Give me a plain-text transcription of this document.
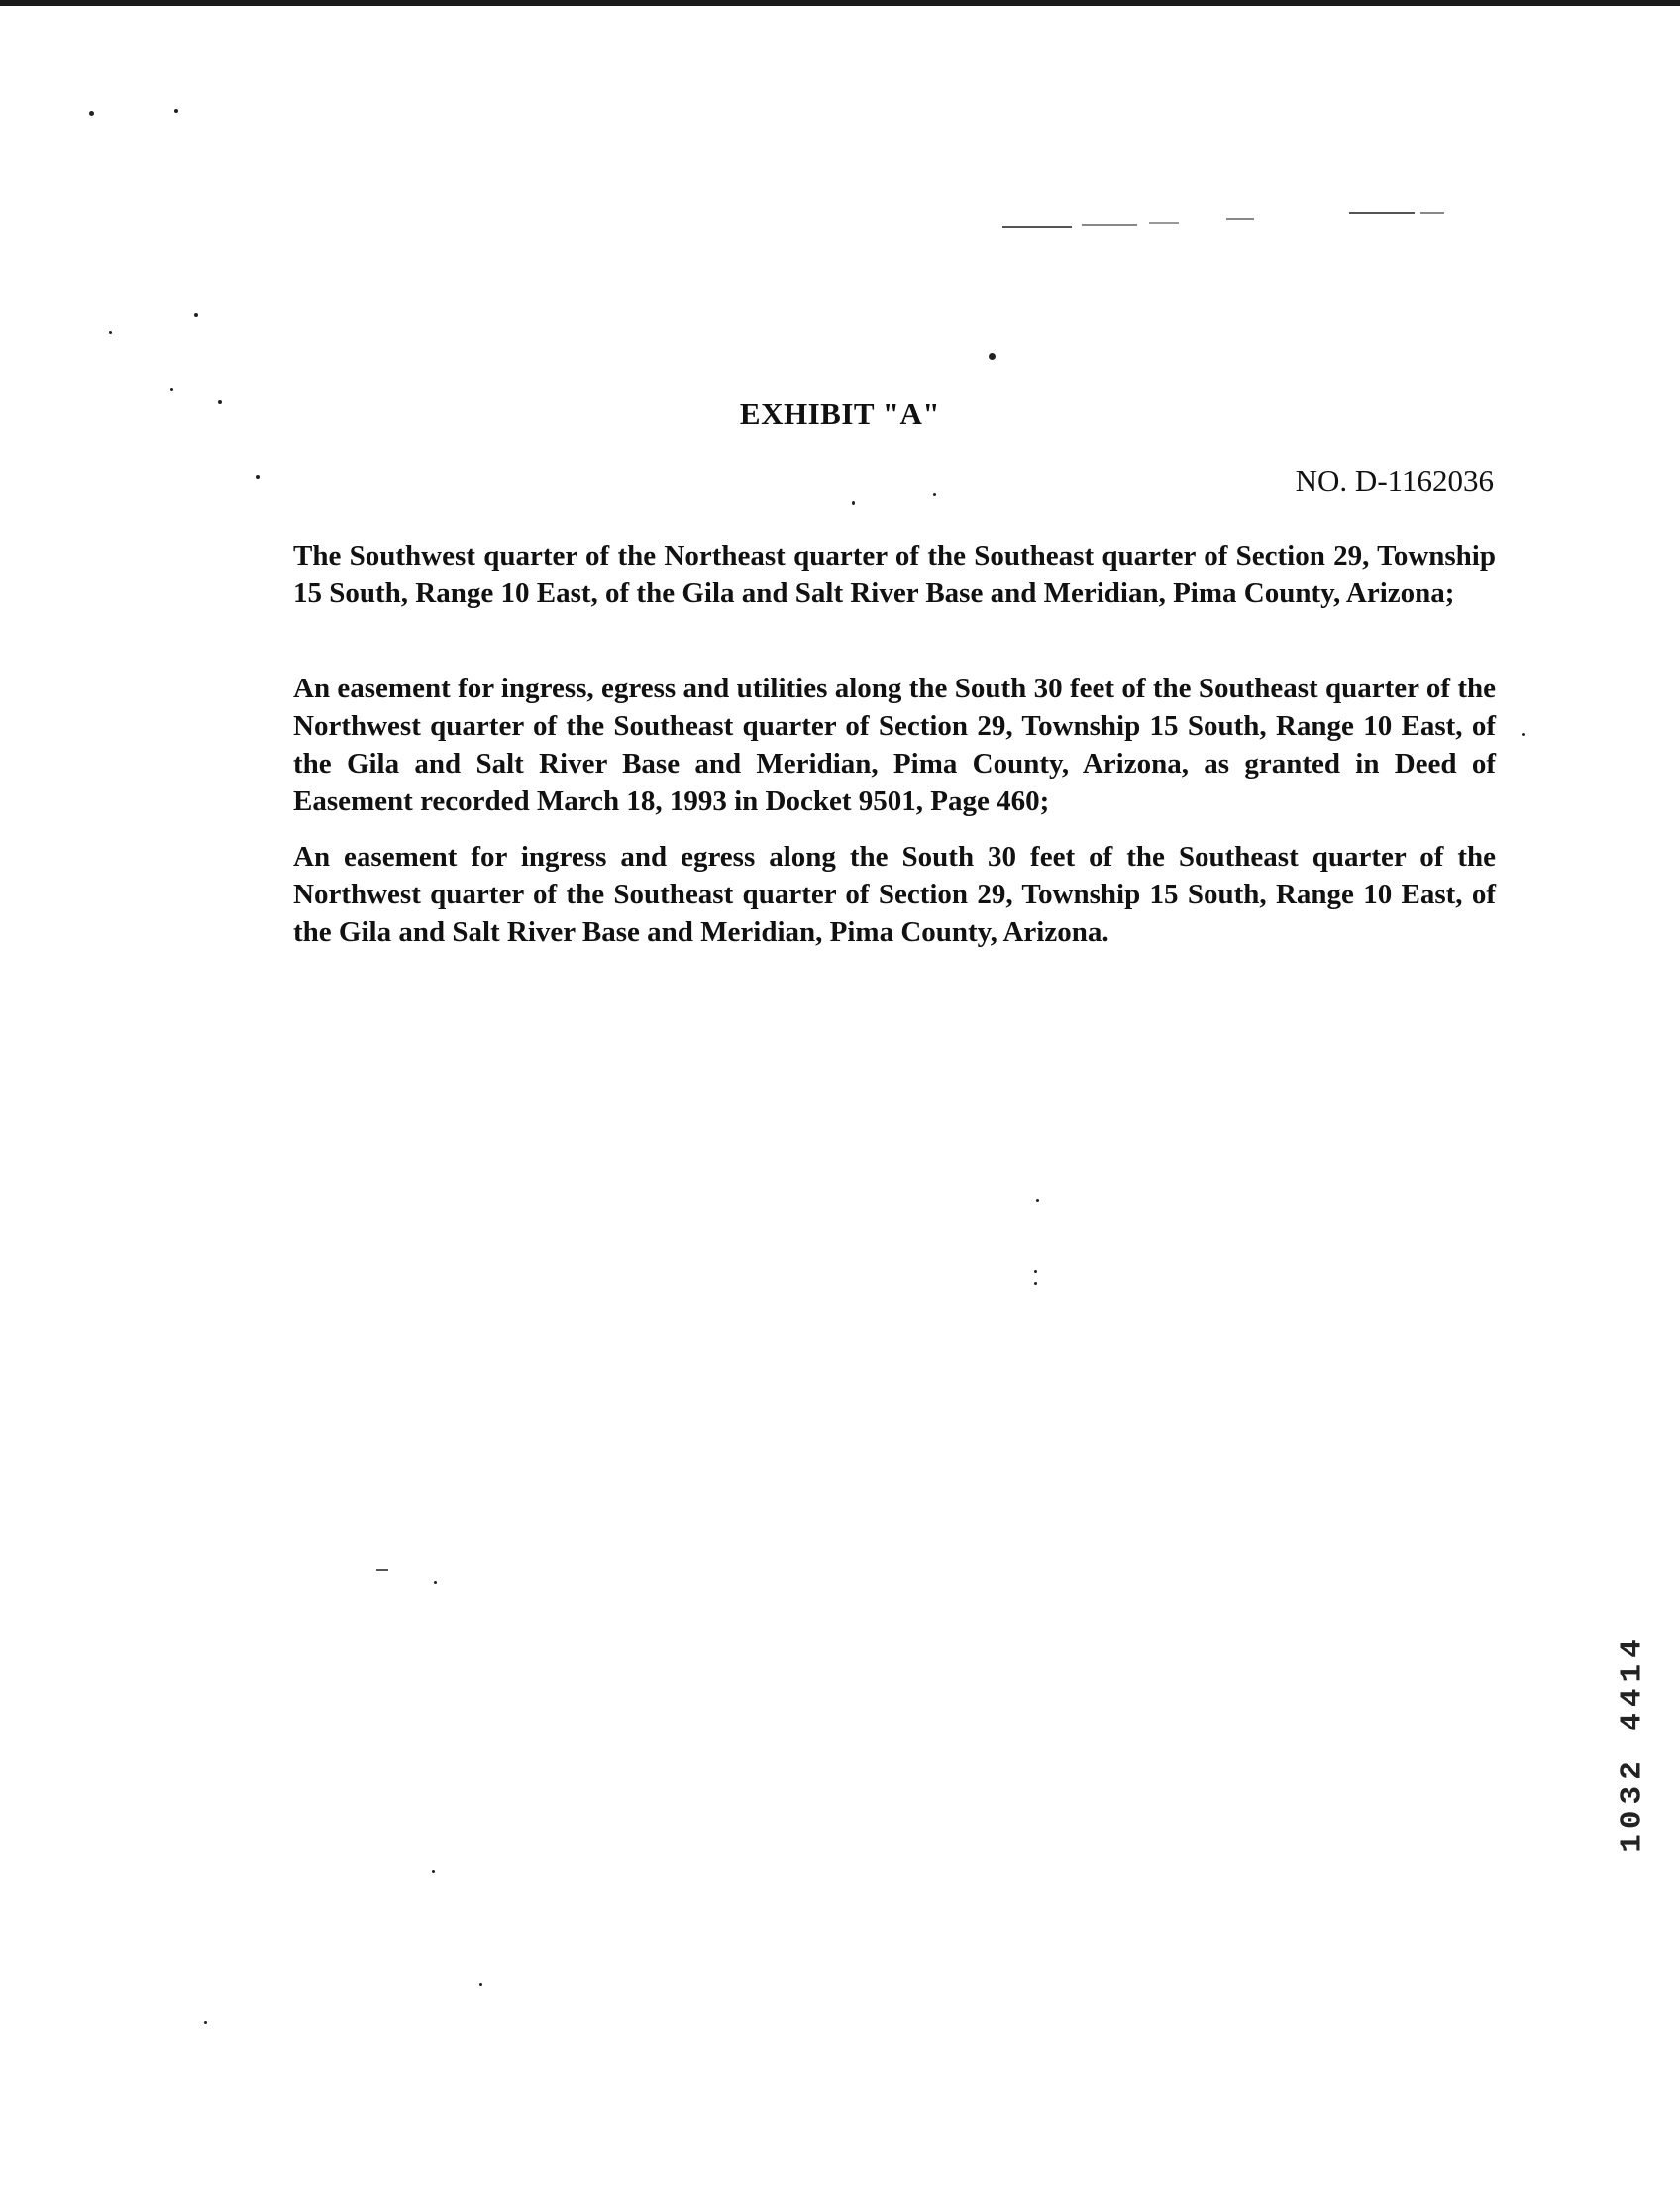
EXHIBIT "A"
NO. D-1162036
The Southwest quarter of the Northeast quarter of the Southeast quarter of Section 29, Township 15 South, Range 10 East, of the Gila and Salt River Base and Meridian, Pima County, Arizona;
An easement for ingress, egress and utilities along the South 30 feet of the Southeast quarter of the Northwest quarter of the Southeast quarter of Section 29, Township 15 South, Range 10 East, of the Gila and Salt River Base and Meridian, Pima County, Arizona, as granted in Deed of Easement recorded March 18, 1993 in Docket 9501, Page 460;
An easement for ingress and egress along the South 30 feet of the Southeast quarter of the Northwest quarter of the Southeast quarter of Section 29, Township 15 South, Range 10 East, of the Gila and Salt River Base and Meridian, Pima County, Arizona.
1032 4414
